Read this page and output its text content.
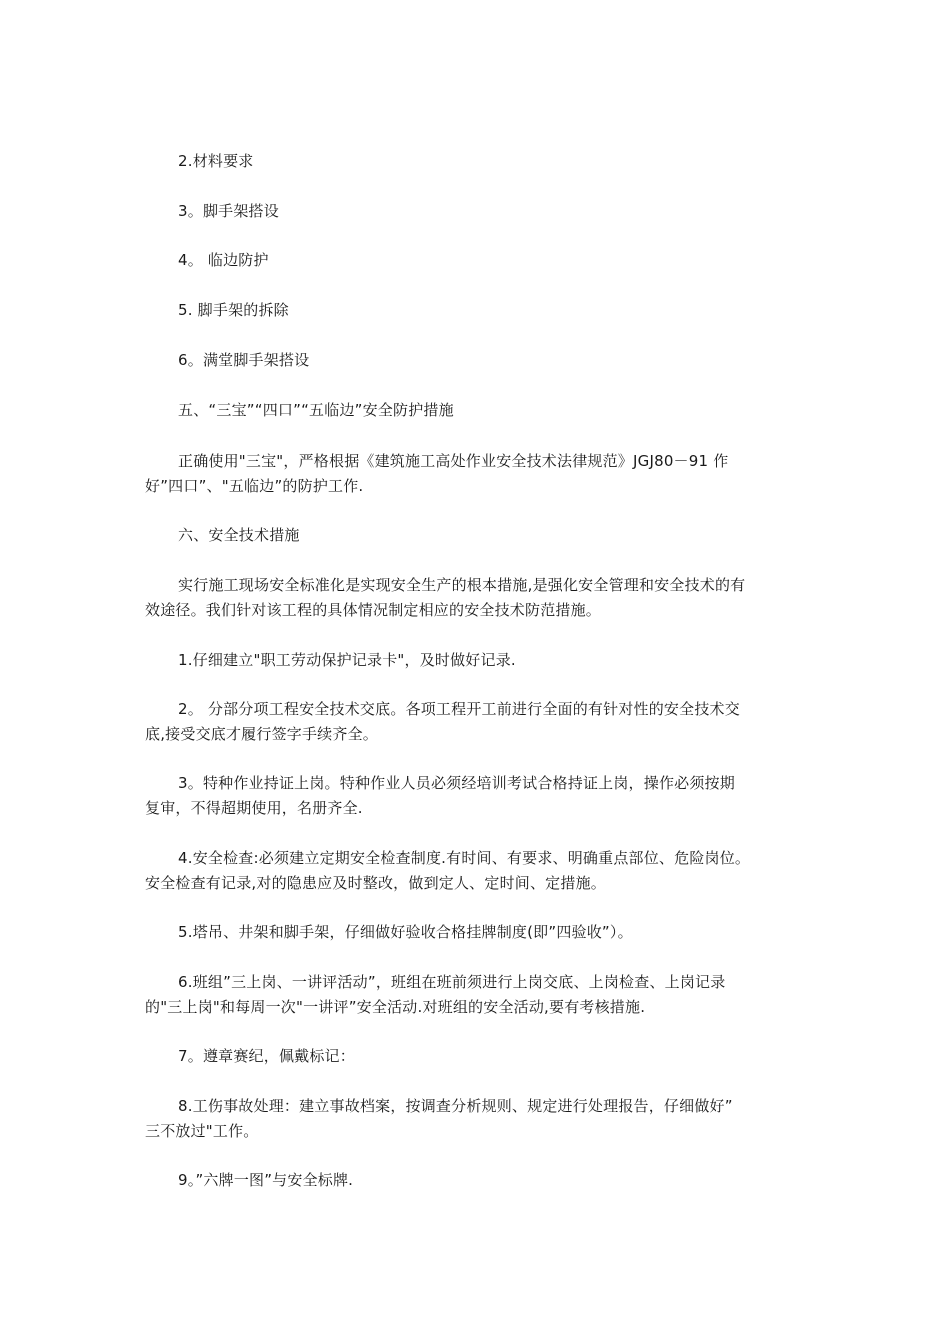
2.材料要求
3。脚手架搭设
4。 临边防护
5. 脚手架的拆除
6。满堂脚手架搭设
五、“三宝”“四口”“五临边”安全防护措施
正确使用"三宝"，严格根据《建筑施工高处作业安全技术法律规范》JGJ80－91 作
好”四口”、"五临边”的防护工作.
六、安全技术措施
实行施工现场安全标准化是实现安全生产的根本措施,是强化安全管理和安全技术的有
效途径。我们针对该工程的具体情况制定相应的安全技术防范措施。
1.仔细建立"职工劳动保护记录卡"，及时做好记录.
2。 分部分项工程安全技术交底。各项工程开工前进行全面的有针对性的安全技术交
底,接受交底才履行签字手续齐全。
3。特种作业持证上岗。特种作业人员必须经培训考试合格持证上岗，操作必须按期
复审，不得超期使用，名册齐全.
4.安全检查:必须建立定期安全检查制度.有时间、有要求、明确重点部位、危险岗位。
安全检查有记录,对的隐患应及时整改，做到定人、定时间、定措施。
5.塔吊、井架和脚手架，仔细做好验收合格挂牌制度(即”四验收”）。
6.班组”三上岗、一讲评活动”，班组在班前须进行上岗交底、上岗检查、上岗记录
的"三上岗"和每周一次"一讲评”安全活动.对班组的安全活动,要有考核措施.
7。遵章赛纪，佩戴标记：
8.工伤事故处理：建立事故档案，按调查分析规则、规定进行处理报告，仔细做好”
三不放过"工作。
9。”六牌一图”与安全标牌.
